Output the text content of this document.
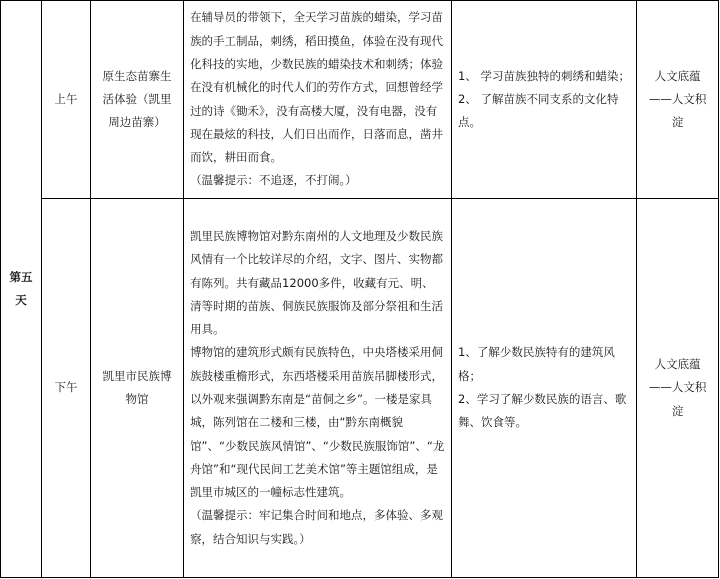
第五天	上午	原生态苗寨生活体验（凯里周边苗寨）	在辅导员的带领下，全天学习苗族的蜡染，学习苗族的手工制品，刺绣，稻田摸鱼，体验在没有现代化科技的实地，少数民族的蜡染技术和刺绣；体验在没有机械化的时代人们的劳作方式，回想曾经学过的诗《锄禾》，没有高楼大厦，没有电器，没有现在最炫的科技，人们日出而作，日落而息，凿井而饮，耕田而食。
（温馨提示：不追逐，不打闹。）	1、 学习苗族独特的刺绣和蜡染；
2、 了解苗族不同支系的文化特点。	人文底蕴——人文积淀
	下午	凯里市民族博物馆	凯里民族博物馆对黔东南州的人文地理及少数民族风情有一个比较详尽的介绍，文字、图片、实物都有陈列。共有藏品12000多件，收藏有元、明、清等时期的苗族、侗族民族服饰及部分祭祖和生活用具。
博物馆的建筑形式颇有民族特色，中央塔楼采用侗族鼓楼重檐形式，东西塔楼采用苗族吊脚楼形式，以外观来强调黔东南是“苗侗之乡”。一楼是家具城，陈列馆在二楼和三楼，由“黔东南概貌馆”、“少数民族风情馆”、“少数民族服饰馆”、“龙舟馆”和“现代民间工艺美术馆”等主题馆组成，是凯里市城区的一幢标志性建筑。
（温馨提示：牢记集合时间和地点，多体验、多观察，结合知识与实践。）	1、了解少数民族特有的建筑风格；
2、学习了解少数民族的语言、歌舞、饮食等。	人文底蕴——人文积淀
